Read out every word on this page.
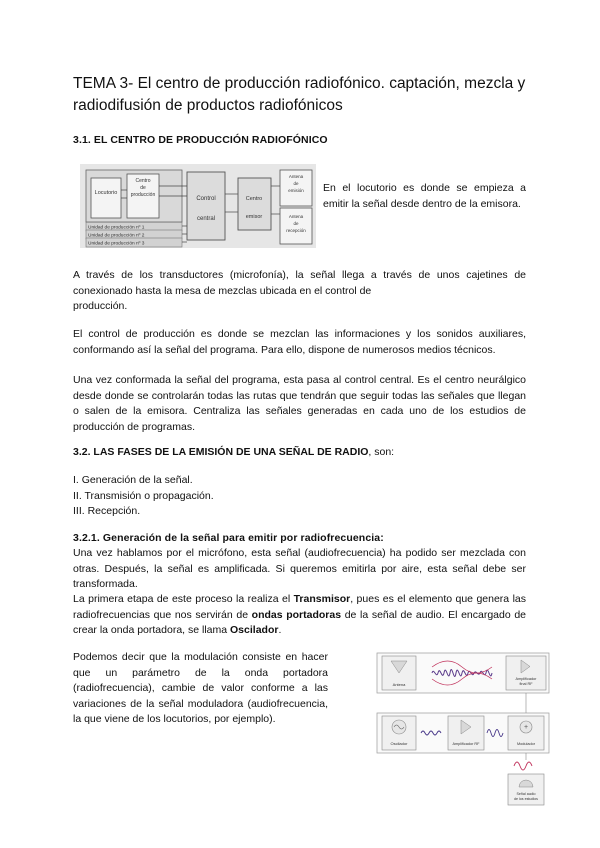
TEMA 3- El centro de producción radiofónico. captación, mezcla y radiodifusión de productos radiofónicos
3.1. EL CENTRO DE PRODUCCIÓN RADIOFÓNICO
Locutorio
Centro
de
producción
Control
central
Centro
emisor
Antena
de
emisión
Antena
de
recepción
Unidad de producción nº 1
Unidad de producción nº 2
Unidad de producción nº 3
En el locutorio es donde se empieza a emitir la señal desde dentro de la emisora.
A través de los transductores (microfonía), la señal llega a través de unos cajetines de conexionado hasta la mesa de mezclas ubicada en el control de
producción.
El control de producción es donde se mezclan las informaciones y los sonidos auxiliares, conformando así la señal del programa. Para ello, dispone de numerosos medios técnicos.
Una vez conformada la señal del programa, esta pasa al control central. Es el centro neurálgico desde donde se controlarán todas las rutas que tendrán que seguir todas las señales que llegan o salen de la emisora. Centraliza las señales generadas en cada uno de los estudios de producción de programas.
3.2. LAS FASES DE LA EMISIÓN DE UNA SEÑAL DE RADIO, son:
I. Generación de la señal.
II. Transmisión o propagación.
III. Recepción.
3.2.1. Generación de la señal para emitir por radiofrecuencia:
Una vez hablamos por el micrófono, esta señal (audiofrecuencia) ha podido ser mezclada con otras. Después, la señal es amplificada. Si queremos emitirla por aire, esta señal debe ser transformada.
La primera etapa de este proceso la realiza el Transmisor, pues es el elemento que genera las radiofrecuencias que nos servirán de ondas portadoras de la señal de audio. El encargado de crear la onda portadora, se llama Oscilador.
Podemos decir que la modulación consiste en hacer que un parámetro de la onda portadora (radiofrecuencia), cambie de valor conforme a las variaciones de la señal moduladora (audiofrecuencia, la que viene de los locutorios, por ejemplo).
Antena
Amplificador
final RF
Oscilador	Amplificador RF
+
Modulador
Señal audio
de los estudios
